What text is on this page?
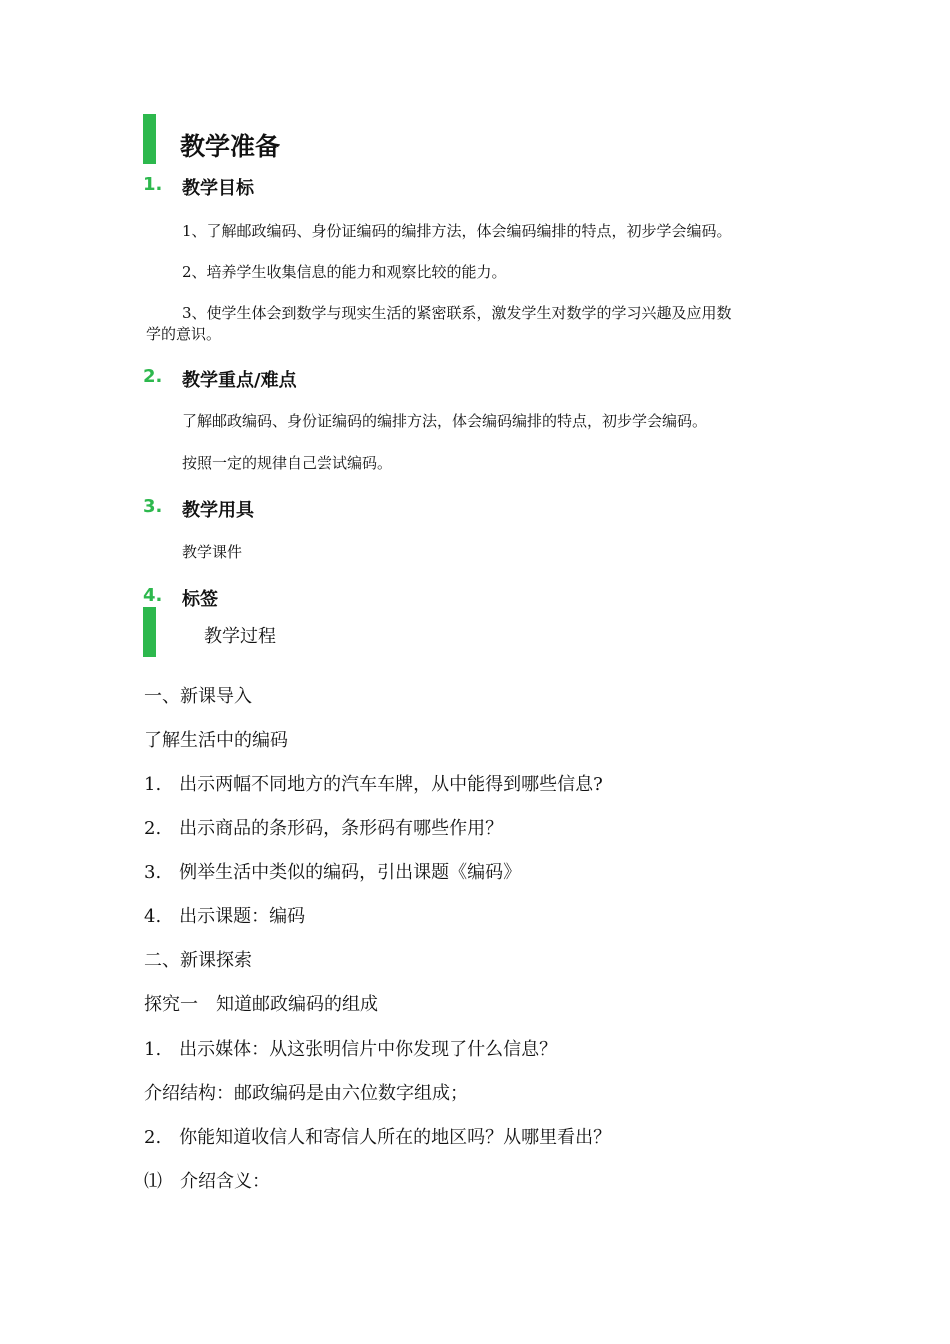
教学准备
1. 教学目标
1、了解邮政编码、身份证编码的编排方法，体会编码编排的特点，初步学会编码。
2、培养学生收集信息的能力和观察比较的能力。
3、使学生体会到数学与现实生活的紧密联系，激发学生对数学的学习兴趣及应用数
学的意识。
2. 教学重点/难点
了解邮政编码、身份证编码的编排方法，体会编码编排的特点，初步学会编码。
按照一定的规律自己尝试编码。
3. 教学用具
教学课件
4. 标签
教学过程
一、新课导入
了解生活中的编码
1.　出示两幅不同地方的汽车车牌，从中能得到哪些信息?
2.　出示商品的条形码，条形码有哪些作用？
3.　例举生活中类似的编码，引出课题《编码》
4.　出示课题：编码
二、新课探索
探究一　知道邮政编码的组成
1.　出示媒体：从这张明信片中你发现了什么信息？
介绍结构：邮政编码是由六位数字组成；
2.　你能知道收信人和寄信人所在的地区吗？从哪里看出？
⑴　介绍含义：
